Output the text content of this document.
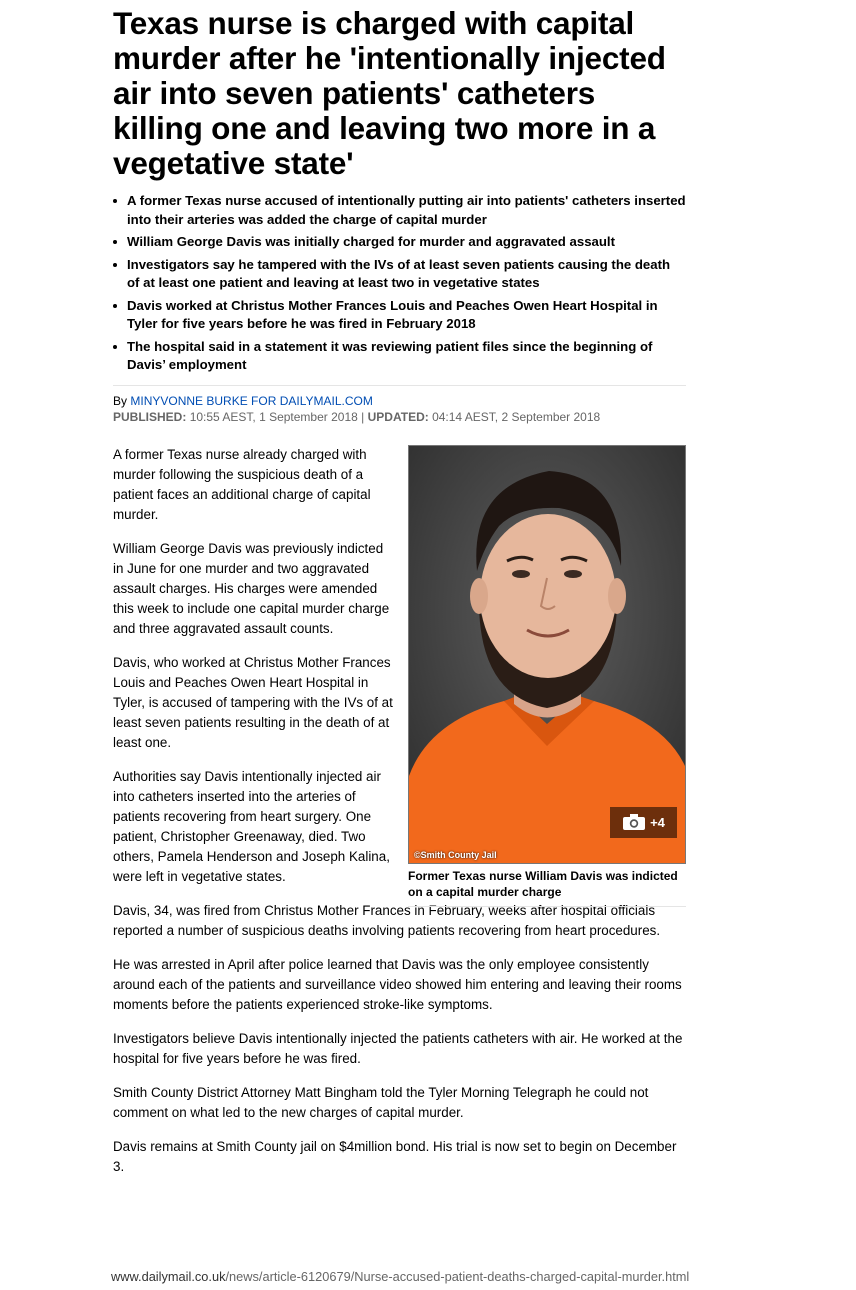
Texas nurse is charged with capital murder after he 'intentionally injected air into seven patients' catheters killing one and leaving two more in a vegetative state'
A former Texas nurse accused of intentionally putting air into patients' catheters inserted into their arteries was added the charge of capital murder
William George Davis was initially charged for murder and aggravated assault
Investigators say he tampered with the IVs of at least seven patients causing the death of at least one patient and leaving at least two in vegetative states
Davis worked at Christus Mother Frances Louis and Peaches Owen Heart Hospital in Tyler for five years before he was fired in February 2018
The hospital said in a statement it was reviewing patient files since the beginning of Davis’ employment
By MINYVONNE BURKE FOR DAILYMAIL.COM
PUBLISHED: 10:55 AEST, 1 September 2018 | UPDATED: 04:14 AEST, 2 September 2018
+4
©Smith County Jail
Former Texas nurse William Davis was indicted on a capital murder charge

A former Texas nurse already charged with murder following the suspicious death of a patient faces an additional charge of capital murder.

William George Davis was previously indicted in June for one murder and two aggravated assault charges. His charges were amended this week to include one capital murder charge and three aggravated assault counts.

Davis, who worked at Christus Mother Frances Louis and Peaches Owen Heart Hospital in Tyler, is accused of tampering with the IVs of at least seven patients resulting in the death of at least one.

Authorities say Davis intentionally injected air into catheters inserted into the arteries of patients recovering from heart surgery. One patient, Christopher Greenaway, died. Two others, Pamela Henderson and Joseph Kalina, were left in vegetative states.

Davis, 34, was fired from Christus Mother Frances in February, weeks after hospital officials reported a number of suspicious deaths involving patients recovering from heart procedures.

He was arrested in April after police learned that Davis was the only employee consistently around each of the patients and surveillance video showed him entering and leaving their rooms moments before the patients experienced stroke-like symptoms.

Investigators believe Davis intentionally injected the patients catheters with air. He worked at the hospital for five years before he was fired.

Smith County District Attorney Matt Bingham told the Tyler Morning Telegraph he could not comment on what led to the new charges of capital murder.

Davis remains at Smith County jail on $4million bond. His trial is now set to begin on December 3.

www.dailymail.co.uk/news/article-6120679/Nurse-accused-patient-deaths-charged-capital-murder.html
